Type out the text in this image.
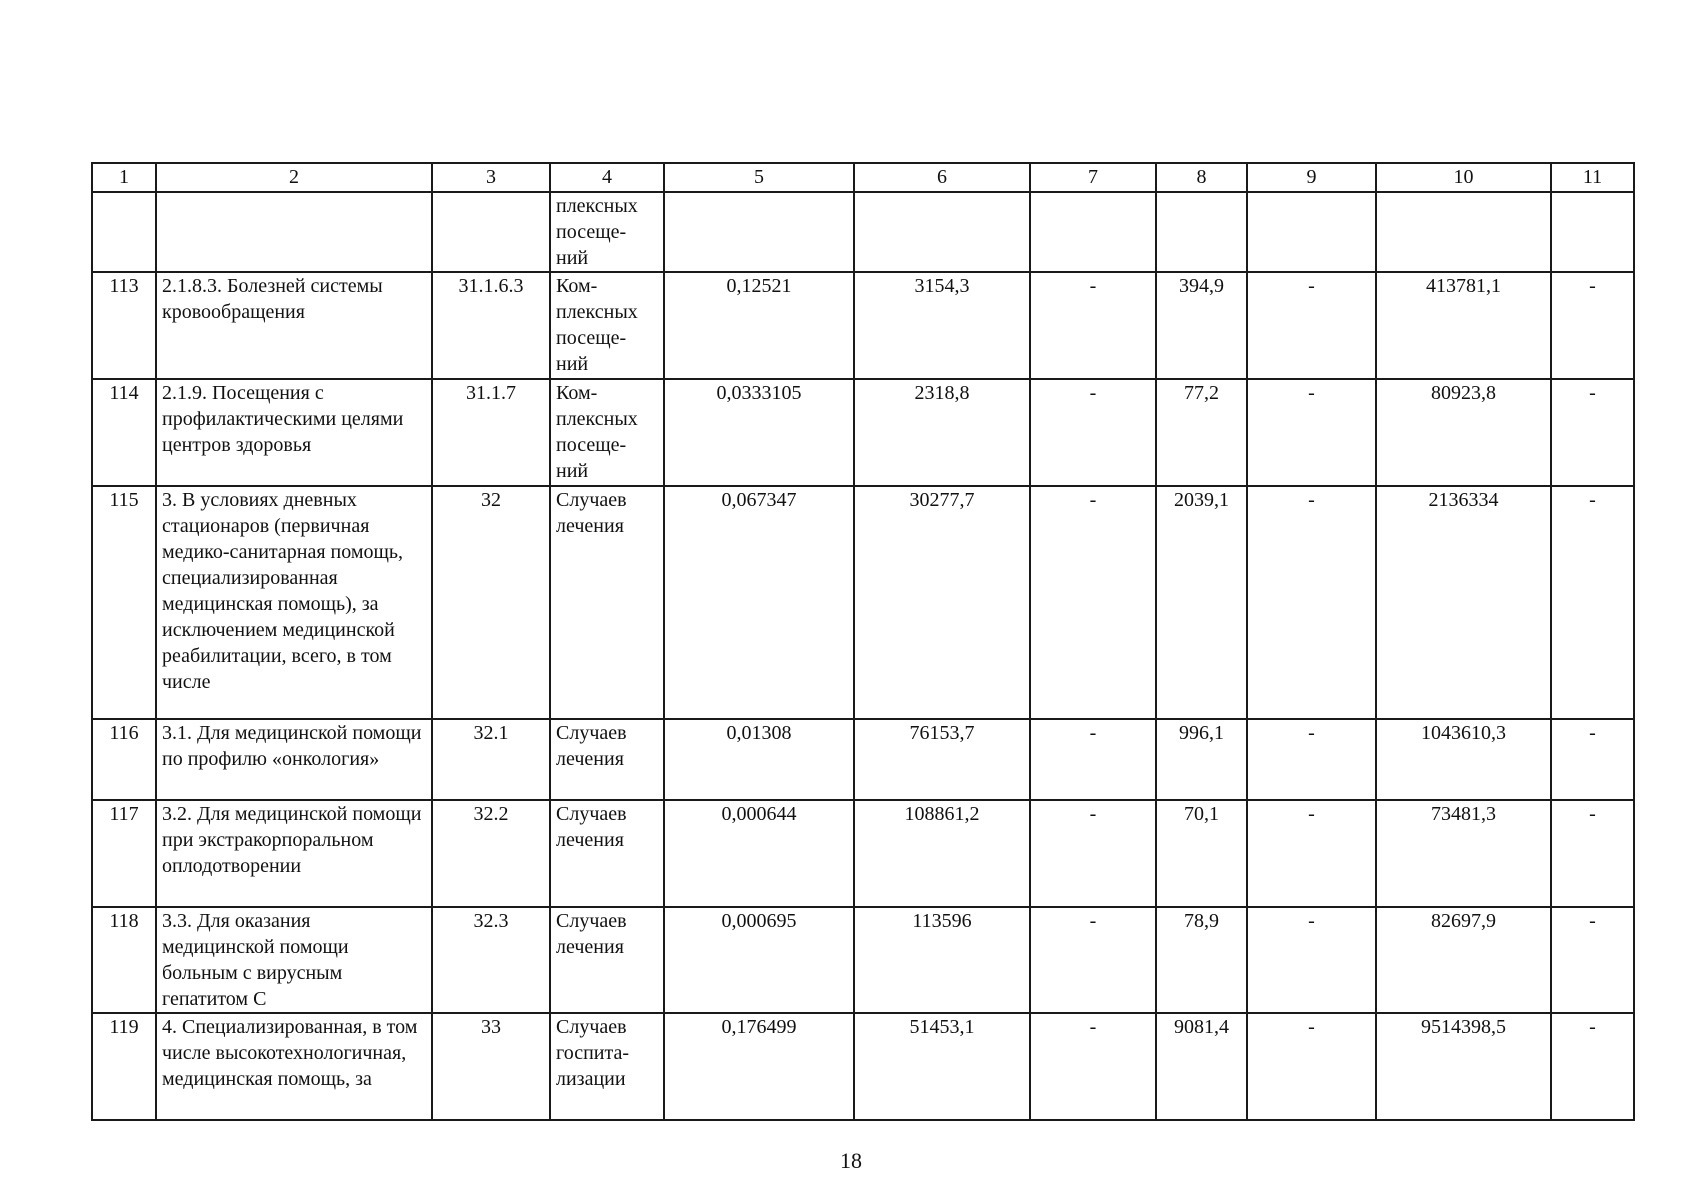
1	2	3	4	5	6	7	8	9	10	11
			плексных посеще-ний							
113	2.1.8.3. Болезней системы кровообращения	31.1.6.3	Ком-плексных посеще-ний	0,12521	3154,3	-	394,9	-	413781,1	-
114	2.1.9. Посещения с профилактическими целями центров здоровья	31.1.7	Ком-плексных посеще-ний	0,0333105	2318,8	-	77,2	-	80923,8	-
115	3. В условиях дневных стационаров (первичная медико-санитарная помощь, специализированная медицинская помощь), за исключением медицинской реабилитации, всего, в том числе	32	Случаев лечения	0,067347	30277,7	-	2039,1	-	2136334	-
116	3.1. Для медицинской помощи по профилю «онкология»	32.1	Случаев лечения	0,01308	76153,7	-	996,1	-	1043610,3	-
117	3.2. Для медицинской помощи при экстракорпоральном оплодотворении	32.2	Случаев лечения	0,000644	108861,2	-	70,1	-	73481,3	-
118	3.3. Для оказания медицинской помощи больным с вирусным гепатитом С	32.3	Случаев лечения	0,000695	113596	-	78,9	-	82697,9	-
119	4. Специализированная, в том числе высокотехнологичная, медицинская помощь, за	33	Случаев госпита-лизации	0,176499	51453,1	-	9081,4	-	9514398,5	-
18
